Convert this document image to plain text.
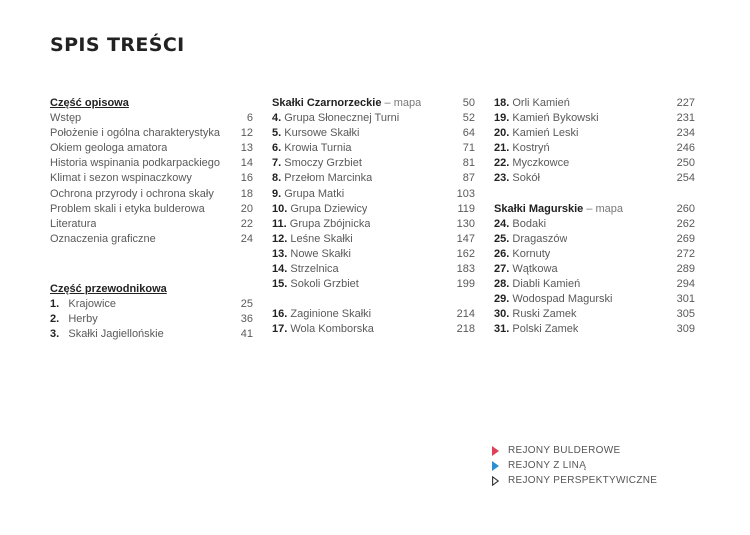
SPIS TREŚCI
Część opisowa
Wstęp	6
Położenie i ogólna charakterystyka	12
Okiem geologa amatora	13
Historia wspinania podkarpackiego	14
Klimat i sezon wspinaczkowy	16
Ochrona przyrody i ochrona skały	18
Problem skali i etyka bulderowa	20
Literatura	22
Oznaczenia graficzne	24
Część przewodnikowa
1. Krajowice	25
2. Herby	36
3. Skałki Jagiellońskie	41
Skałki Czarnorzeckie – mapa	50
4. Grupa Słonecznej Turni	52
5. Kursowe Skałki	64
6. Krowia Turnia	71
7. Smoczy Grzbiet	81
8. Przełom Marcinka	87
9. Grupa Matki	103
10. Grupa Dziewicy	119
11. Grupa Zbójnicka	130
12. Leśne Skałki	147
13. Nowe Skałki	162
14. Strzelnica	183
15. Sokoli Grzbiet	199
16. Zaginione Skałki	214
17. Wola Komborska	218
18. Orli Kamień	227
19. Kamień Bykowski	231
20. Kamień Leski	234
21. Kostryń	246
22. Myczkowce	250
23. Sokół	254
Skałki Magurskie – mapa	260
24. Bodaki	262
25. Dragaszów	269
26. Kornuty	272
27. Wątkowa	289
28. Diabli Kamień	294
29. Wodospad Magurski	301
30. Ruski Zamek	305
31. Polski Zamek	309
REJONY BULDEROWE
REJONY Z LINĄ
REJONY PERSPEKTYWICZNE
